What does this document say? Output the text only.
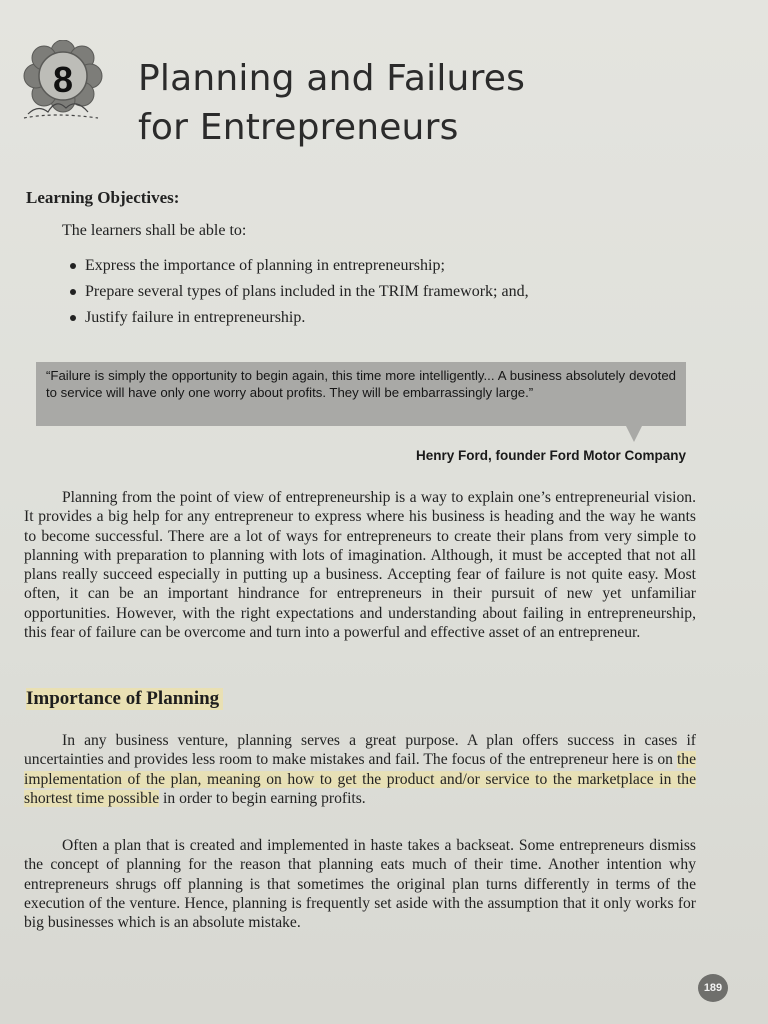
8	Planning and Failures
for Entrepreneurs
Learning Objectives:
The learners shall be able to:
Express the importance of planning in entrepreneurship;
Prepare several types of plans included in the TRIM framework; and,
Justify failure in entrepreneurship.
“Failure is simply the opportunity to begin again, this time more intelligently... A business absolutely devoted to service will have only one worry about profits. They will be embarrassingly large.”
Henry Ford, founder Ford Motor Company

Planning from the point of view of entrepreneurship is a way to explain one’s entrepreneurial vision. It provides a big help for any entrepreneur to express where his business is heading and the way he wants to become successful. There are a lot of ways for entrepreneurs to create their plans from very simple to planning with preparation to planning with lots of imagination. Although, it must be accepted that not all plans really succeed especially in putting up a business. Accepting fear of failure is not quite easy. Most often, it can be an important hindrance for entrepreneurs in their pursuit of new yet unfamiliar opportunities. However, with the right expectations and understanding about failing in entrepreneurship, this fear of failure can be overcome and turn into a powerful and effective asset of an entrepreneur.

Importance of Planning

In any business venture, planning serves a great purpose. A plan offers success in cases if uncertainties and provides less room to make mistakes and fail. The focus of the entrepreneur here is on the implementation of the plan, meaning on how to get the product and/or service to the marketplace in the shortest time possible in order to begin earning profits.

Often a plan that is created and implemented in haste takes a backseat. Some entrepreneurs dismiss the concept of planning for the reason that planning eats much of their time. Another intention why entrepreneurs shrugs off planning is that sometimes the original plan turns differently in terms of the execution of the venture. Hence, planning is frequently set aside with the assumption that it only works for big businesses which is an absolute mistake.

189
